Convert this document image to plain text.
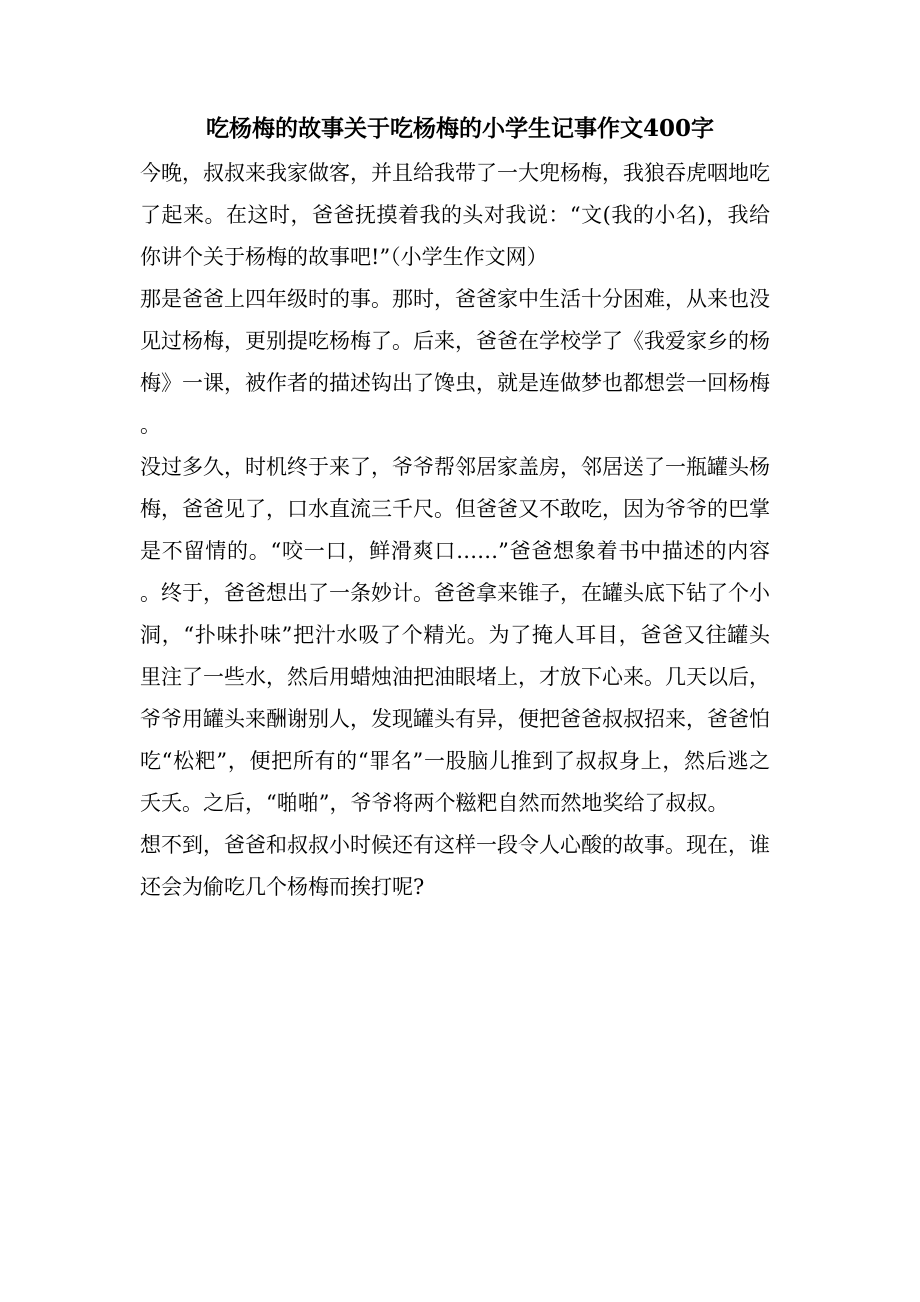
吃杨梅的故事关于吃杨梅的小学生记事作文400字

今晚，叔叔来我家做客，并且给我带了一大兜杨梅，我狼吞虎咽地吃了起来。在这时，爸爸抚摸着我的头对我说：“文(我的小名)，我给你讲个关于杨梅的故事吧!”（小学生作文网）

那是爸爸上四年级时的事。那时，爸爸家中生活十分困难，从来也没见过杨梅，更别提吃杨梅了。后来，爸爸在学校学了《我爱家乡的杨梅》一课，被作者的描述钩出了馋虫，就是连做梦也都想尝一回杨梅。

没过多久，时机终于来了，爷爷帮邻居家盖房，邻居送了一瓶罐头杨梅，爸爸见了，口水直流三千尺。但爸爸又不敢吃，因为爷爷的巴掌是不留情的。“咬一口，鲜滑爽口……”爸爸想象着书中描述的内容。终于，爸爸想出了一条妙计。爸爸拿来锥子，在罐头底下钻了个小洞，“扑味扑味”把汁水吸了个精光。为了掩人耳目，爸爸又往罐头里注了一些水，然后用蜡烛油把油眼堵上，才放下心来。几天以后，爷爷用罐头来酬谢别人，发现罐头有异，便把爸爸叔叔招来，爸爸怕吃“松粑”，便把所有的“罪名”一股脑儿推到了叔叔身上，然后逃之夭夭。之后，“啪啪”，爷爷将两个糍粑自然而然地奖给了叔叔。

想不到，爸爸和叔叔小时候还有这样一段令人心酸的故事。现在，谁还会为偷吃几个杨梅而挨打呢?
